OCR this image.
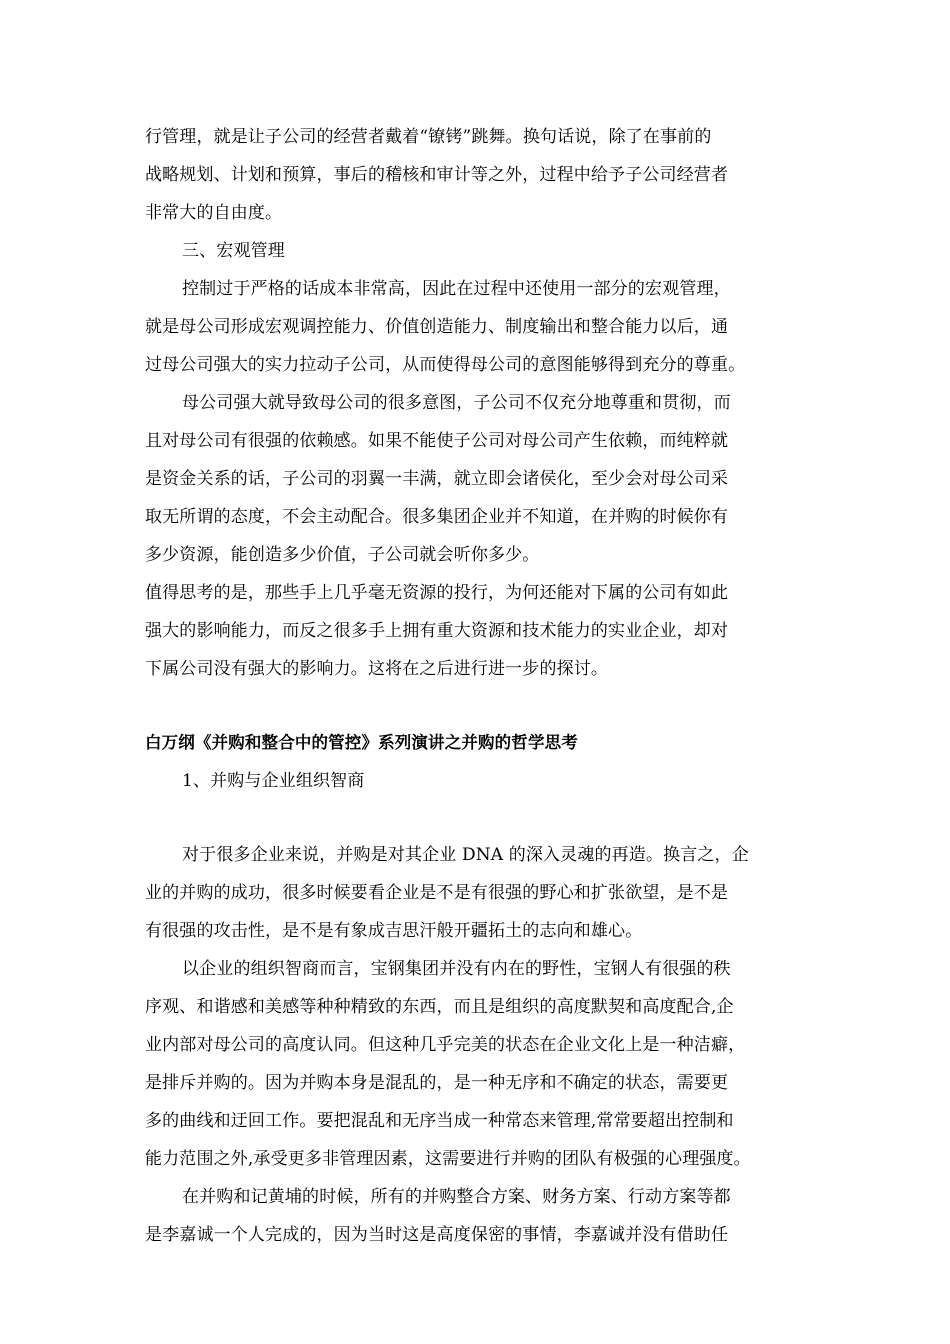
行管理，就是让子公司的经营者戴着“镣铐”跳舞。换句话说，除了在事前的
战略规划、计划和预算，事后的稽核和审计等之外，过程中给予子公司经营者
非常大的自由度。
三、宏观管理
控制过于严格的话成本非常高，因此在过程中还使用一部分的宏观管理，
就是母公司形成宏观调控能力、价值创造能力、制度输出和整合能力以后，通
过母公司强大的实力拉动子公司，从而使得母公司的意图能够得到充分的尊重。
母公司强大就导致母公司的很多意图，子公司不仅充分地尊重和贯彻，而
且对母公司有很强的依赖感。如果不能使子公司对母公司产生依赖，而纯粹就
是资金关系的话，子公司的羽翼一丰满，就立即会诸侯化，至少会对母公司采
取无所谓的态度，不会主动配合。很多集团企业并不知道，在并购的时候你有
多少资源，能创造多少价值，子公司就会听你多少。
值得思考的是，那些手上几乎毫无资源的投行，为何还能对下属的公司有如此
强大的影响能力，而反之很多手上拥有重大资源和技术能力的实业企业，却对
下属公司没有强大的影响力。这将在之后进行进一步的探讨。
白万纲《并购和整合中的管控》系列演讲之并购的哲学思考
1、并购与企业组织智商
对于很多企业来说，并购是对其企业 DNA 的深入灵魂的再造。换言之，企
业的并购的成功，很多时候要看企业是不是有很强的野心和扩张欲望，是不是
有很强的攻击性，是不是有象成吉思汗般开疆拓土的志向和雄心。
以企业的组织智商而言，宝钢集团并没有内在的野性，宝钢人有很强的秩
序观、和谐感和美感等种种精致的东西，而且是组织的高度默契和高度配合,企
业内部对母公司的高度认同。但这种几乎完美的状态在企业文化上是一种洁癖，
是排斥并购的。因为并购本身是混乱的，是一种无序和不确定的状态，需要更
多的曲线和迂回工作。要把混乱和无序当成一种常态来管理,常常要超出控制和
能力范围之外,承受更多非管理因素，这需要进行并购的团队有极强的心理强度。
在并购和记黄埔的时候，所有的并购整合方案、财务方案、行动方案等都
是李嘉诚一个人完成的，因为当时这是高度保密的事情，李嘉诚并没有借助任
